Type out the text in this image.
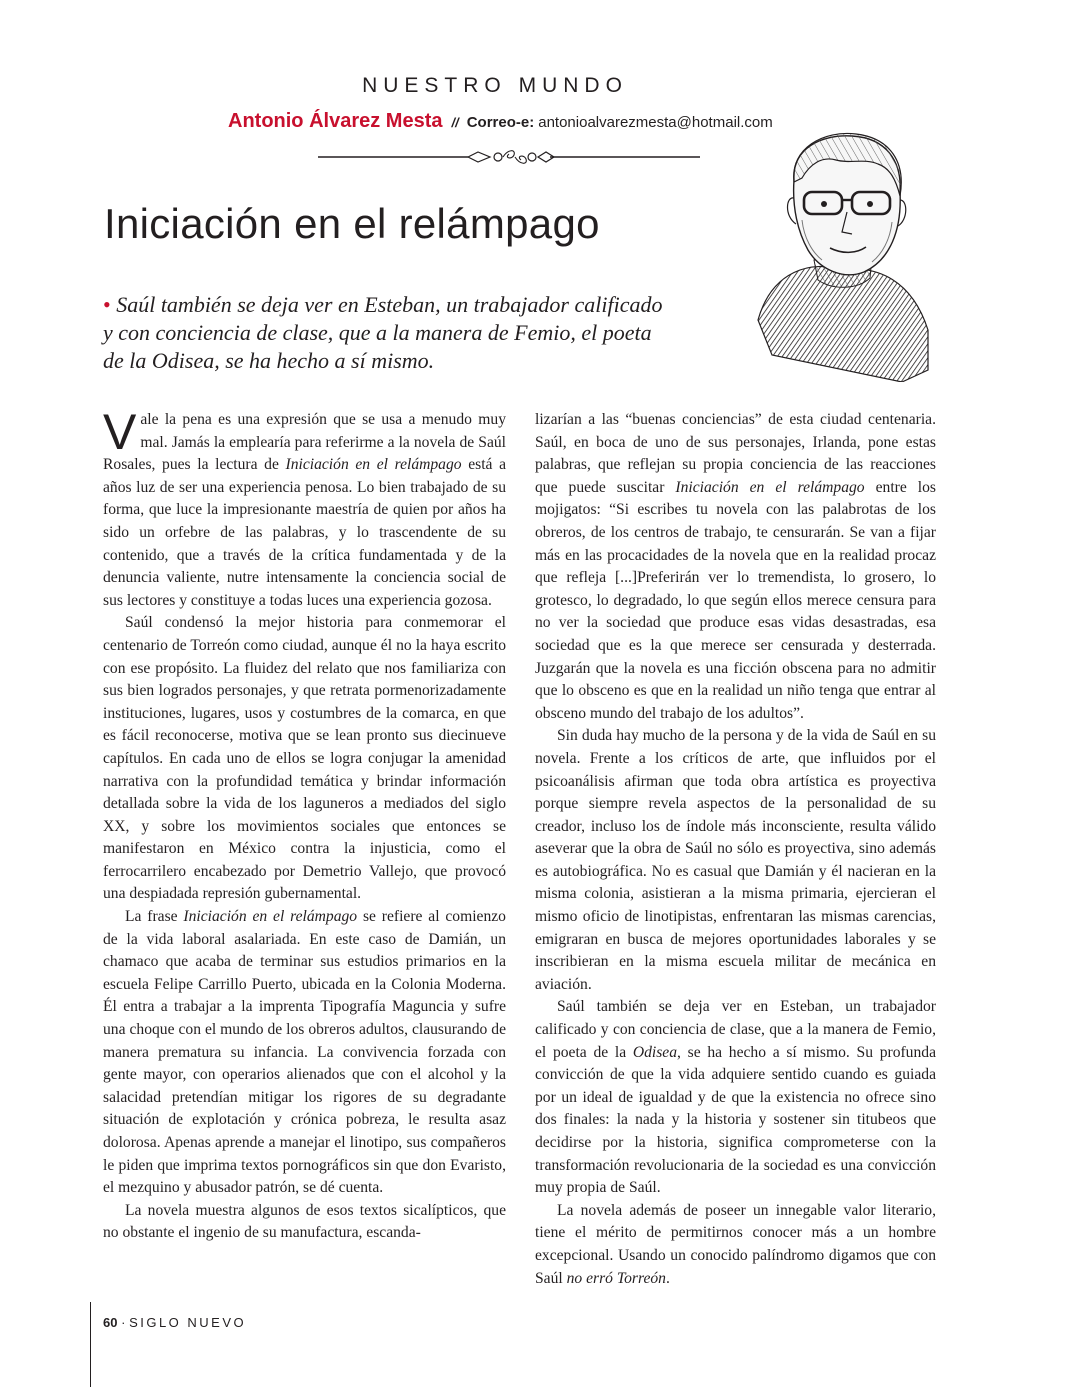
NUESTRO MUNDO
Antonio Álvarez Mesta // Correo-e: antonioalvarezmesta@hotmail.com
Iniciación en el relámpago

• Saúl también se deja ver en Esteban, un trabajador calificado y con conciencia de clase, que a la manera de Femio, el poeta de la Odisea, se ha hecho a sí mismo.

Vale la pena es una expresión que se usa a menudo muy mal. Jamás la emplearía para referirme a la novela de Saúl Rosales, pues la lectura de Iniciación en el relámpago está a años luz de ser una experiencia penosa. Lo bien trabajado de su forma, que luce la impresionante maestría de quien por años ha sido un orfebre de las palabras, y lo trascendente de su contenido, que a través de la crítica fundamentada y de la denuncia valiente, nutre intensamente la conciencia social de sus lectores y constituye a todas luces una experiencia gozosa.

Saúl condensó la mejor historia para conmemorar el centenario de Torreón como ciudad, aunque él no la haya escrito con ese propósito. La fluidez del relato que nos familiariza con sus bien logrados personajes, y que retrata pormenorizadamente instituciones, lugares, usos y costumbres de la comarca, en que es fácil reconocerse, motiva que se lean pronto sus diecinueve capítulos. En cada uno de ellos se logra conjugar la amenidad narrativa con la profundidad temática y brindar información detallada sobre la vida de los laguneros a mediados del siglo XX, y sobre los movimientos sociales que entonces se manifestaron en México contra la injusticia, como el ferrocarrilero encabezado por Demetrio Vallejo, que provocó una despiadada represión gubernamental.

La frase Iniciación en el relámpago se refiere al comienzo de la vida laboral asalariada. En este caso de Damián, un chamaco que acaba de terminar sus estudios primarios en la escuela Felipe Carrillo Puerto, ubicada en la Colonia Moderna. Él entra a trabajar a la imprenta Tipografía Maguncia y sufre una choque con el mundo de los obreros adultos, clausurando de manera prematura su infancia. La convivencia forzada con gente mayor, con operarios alienados que con el alcohol y la salacidad pretendían mitigar los rigores de su degradante situación de explotación y crónica pobreza, le resulta asaz dolorosa. Apenas aprende a manejar el linotipo, sus compañeros le piden que imprima textos pornográficos sin que don Evaristo, el mezquino y abusador patrón, se dé cuenta.

La novela muestra algunos de esos textos sicalípticos, que no obstante el ingenio de su manufactura, escanda-

lizarían a las “buenas conciencias” de esta ciudad centenaria. Saúl, en boca de uno de sus personajes, Irlanda, pone estas palabras, que reflejan su propia conciencia de las reacciones que puede suscitar Iniciación en el relámpago entre los mojigatos: “Si escribes tu novela con las palabrotas de los obreros, de los centros de trabajo, te censurarán. Se van a fijar más en las procacidades de la novela que en la realidad procaz que refleja [...]Preferirán ver lo tremendista, lo grosero, lo grotesco, lo degradado, lo que según ellos merece censura para no ver la sociedad que produce esas vidas desastradas, esa sociedad que es la que merece ser censurada y desterrada. Juzgarán que la novela es una ficción obscena para no admitir que lo obsceno es que en la realidad un niño tenga que entrar al obsceno mundo del trabajo de los adultos”.

Sin duda hay mucho de la persona y de la vida de Saúl en su novela. Frente a los críticos de arte, que influidos por el psicoanálisis afirman que toda obra artística es proyectiva porque siempre revela aspectos de la personalidad de su creador, incluso los de índole más inconsciente, resulta válido aseverar que la obra de Saúl no sólo es proyectiva, sino además es autobiográfica. No es casual que Damián y él nacieran en la misma colonia, asistieran a la misma primaria, ejercieran el mismo oficio de linotipistas, enfrentaran las mismas carencias, emigraran en busca de mejores oportunidades laborales y se inscribieran en la misma escuela militar de mecánica en aviación.

Saúl también se deja ver en Esteban, un trabajador calificado y con conciencia de clase, que a la manera de Femio, el poeta de la Odisea, se ha hecho a sí mismo. Su profunda convicción de que la vida adquiere sentido cuando es guiada por un ideal de igualdad y de que la existencia no ofrece sino dos finales: la nada y la historia y sostener sin titubeos que decidirse por la historia, significa comprometerse con la transformación revolucionaria de la sociedad es una convicción muy propia de Saúl.

La novela además de poseer un innegable valor literario, tiene el mérito de permitirnos conocer más a un hombre excepcional. Usando un conocido palíndromo digamos que con Saúl no erró Torreón.

60 · SIGLO NUEVO
